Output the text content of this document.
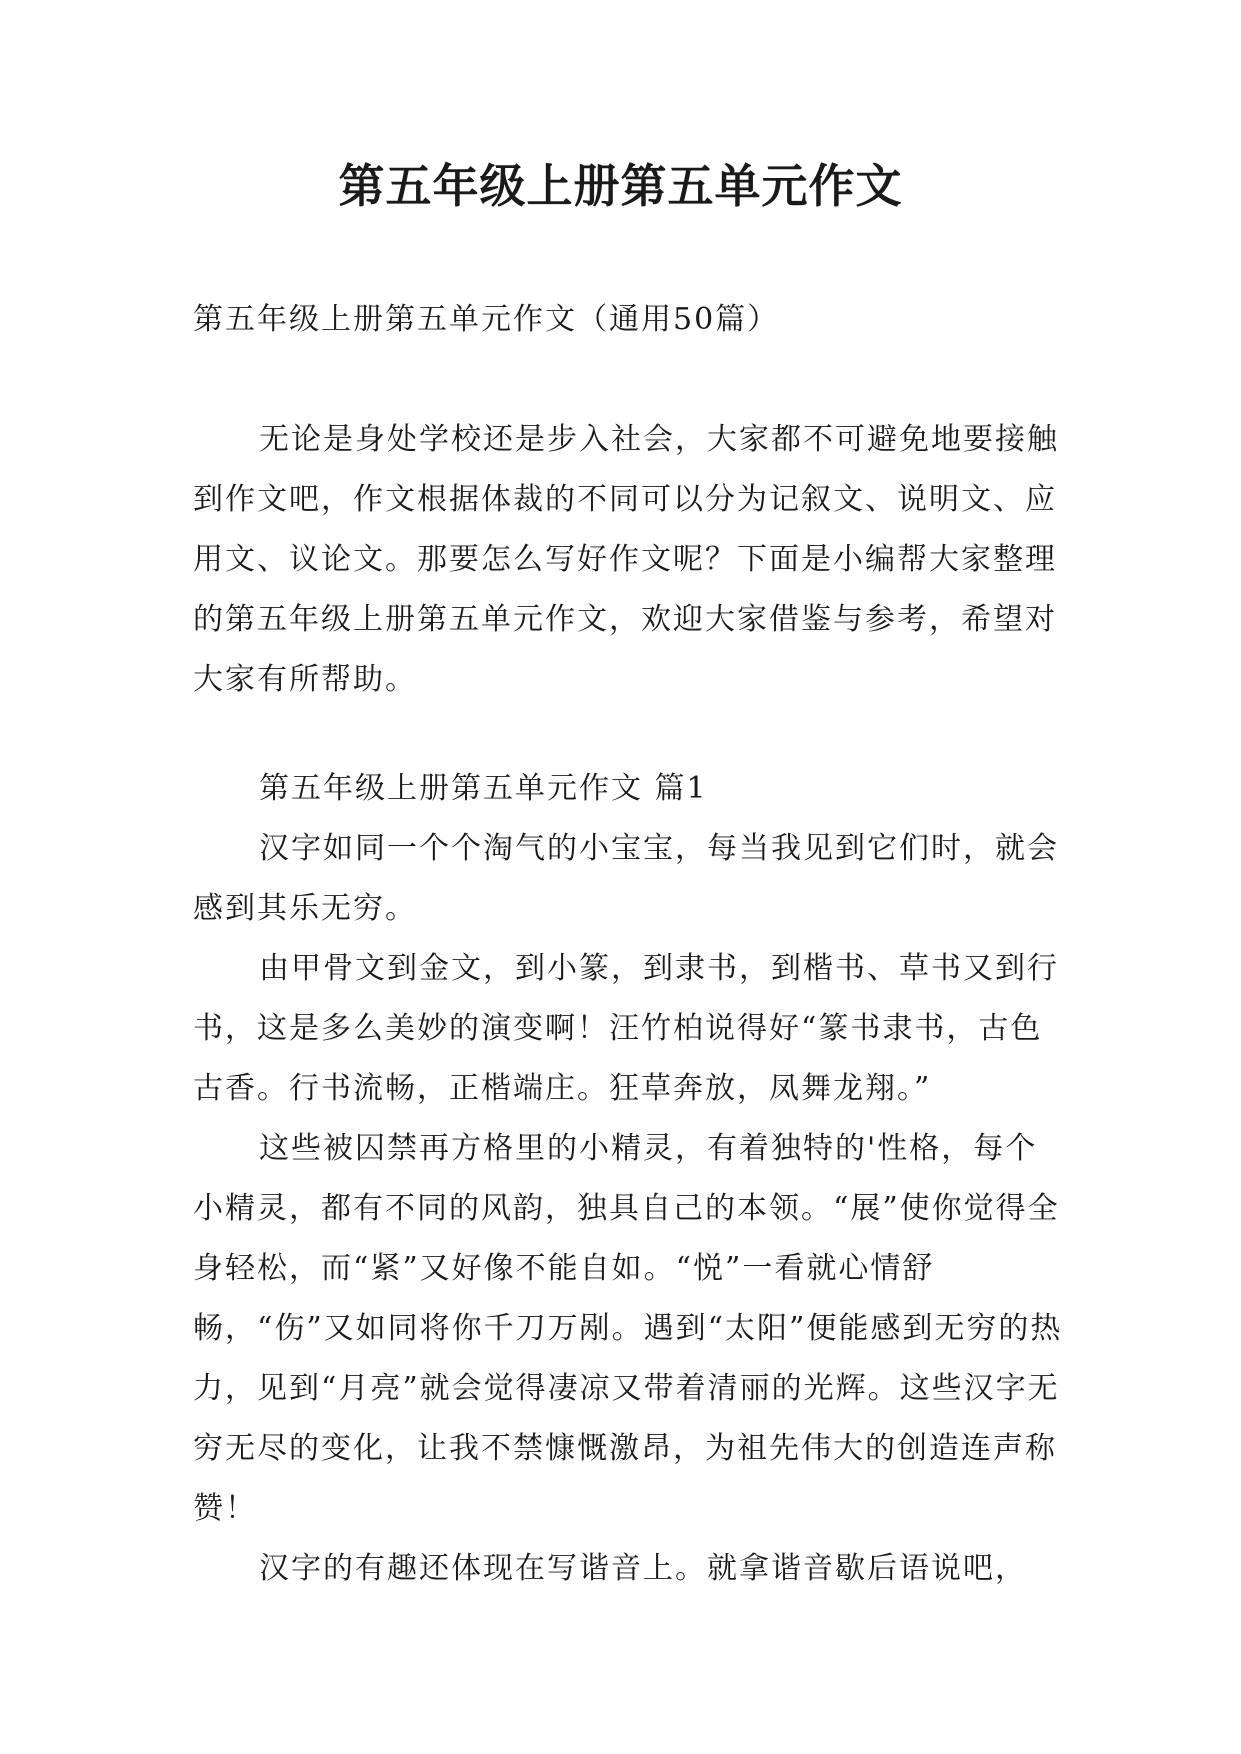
第五年级上册第五单元作文
第五年级上册第五单元作文（通用50篇）

无论是身处学校还是步入社会，大家都不可避免地要接触到作文吧，作文根据体裁的不同可以分为记叙文、说明文、应用文、议论文。那要怎么写好作文呢？下面是小编帮大家整理的第五年级上册第五单元作文，欢迎大家借鉴与参考，希望对大家有所帮助。

第五年级上册第五单元作文 篇1

汉字如同一个个淘气的小宝宝，每当我见到它们时，就会感到其乐无穷。

由甲骨文到金文，到小篆，到隶书，到楷书、草书又到行书，这是多么美妙的演变啊！汪竹柏说得好“篆书隶书，古色古香。行书流畅，正楷端庄。狂草奔放，凤舞龙翔。”

这些被囚禁再方格里的小精灵，有着独特的'性格，每个小精灵，都有不同的风韵，独具自己的本领。“展”使你觉得全身轻松，而“紧”又好像不能自如。“悦”一看就心情舒畅，“伤”又如同将你千刀万剐。遇到“太阳”便能感到无穷的热力，见到“月亮”就会觉得凄凉又带着清丽的光辉。这些汉字无穷无尽的变化，让我不禁慷慨激昂，为祖先伟大的创造连声称赞！

汉字的有趣还体现在写谐音上。就拿谐音歇后语说吧，
